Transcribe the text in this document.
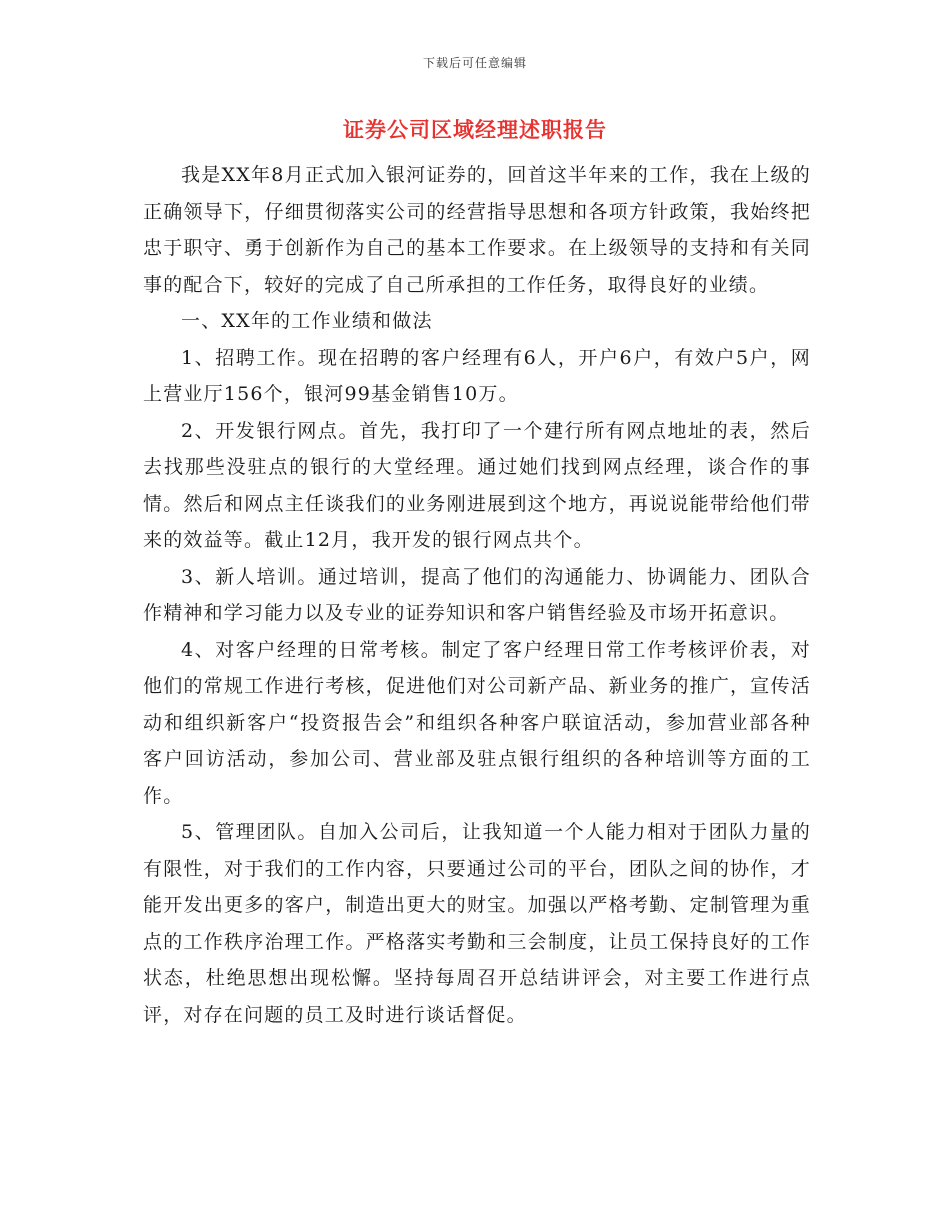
下载后可任意编辑
证券公司区域经理述职报告

我是XX年8月正式加入银河证券的，回首这半年来的工作，我在上级的正确领导下，仔细贯彻落实公司的经营指导思想和各项方针政策，我始终把忠于职守、勇于创新作为自己的基本工作要求。在上级领导的支持和有关同事的配合下，较好的完成了自己所承担的工作任务，取得良好的业绩。

一、XX年的工作业绩和做法

1、招聘工作。现在招聘的客户经理有6人，开户6户，有效户5户，网上营业厅156个，银河99基金销售10万。

2、开发银行网点。首先，我打印了一个建行所有网点地址的表，然后去找那些没驻点的银行的大堂经理。通过她们找到网点经理，谈合作的事情。然后和网点主任谈我们的业务刚进展到这个地方，再说说能带给他们带来的效益等。截止12月，我开发的银行网点共个。

3、新人培训。通过培训，提高了他们的沟通能力、协调能力、团队合作精神和学习能力以及专业的证券知识和客户销售经验及市场开拓意识。

4、对客户经理的日常考核。制定了客户经理日常工作考核评价表，对他们的常规工作进行考核，促进他们对公司新产品、新业务的推广，宣传活动和组织新客户“投资报告会”和组织各种客户联谊活动，参加营业部各种客户回访活动，参加公司、营业部及驻点银行组织的各种培训等方面的工作。

5、管理团队。自加入公司后，让我知道一个人能力相对于团队力量的有限性，对于我们的工作内容，只要通过公司的平台，团队之间的协作，才能开发出更多的客户，制造出更大的财宝。加强以严格考勤、定制管理为重点的工作秩序治理工作。严格落实考勤和三会制度，让员工保持良好的工作状态，杜绝思想出现松懈。坚持每周召开总结讲评会，对主要工作进行点评，对存在问题的员工及时进行谈话督促。
